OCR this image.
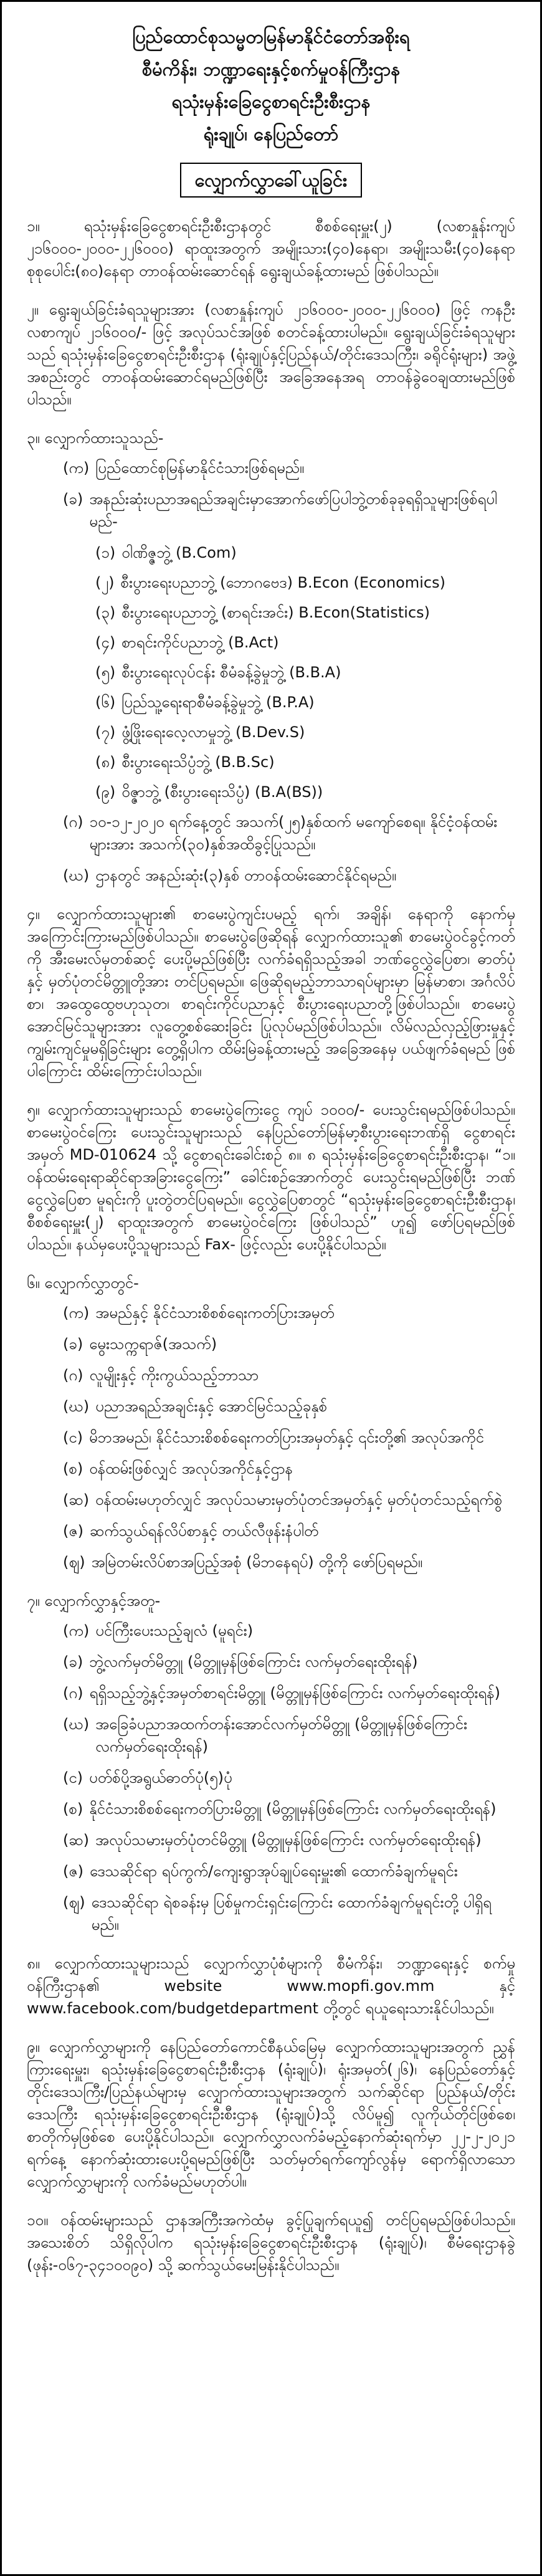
ပြည်ထောင်စုသမ္မတမြန်မာနိုင်ငံတော်အစိုးရ
စီမံကိန်း၊ ဘဏ္ဍာရေးနှင့်စက်မှုဝန်ကြီးဌာန
ရသုံးမှန်းခြေငွေစာရင်းဦးစီးဌာန
ရုံးချုပ်၊ နေပြည်တော်
လျှောက်လွှာခေါ်ယူခြင်း
၁။	ရသုံးမှန်းခြေငွေစာရင်းဦးစီးဌာနတွင် စီစစ်ရေးမှူး(၂) (လစာနှုန်းကျပ် ၂၁၆၀၀၀-၂၀၀၀-၂၂၆၀၀၀) ရာထူးအတွက် အမျိုးသား(၄၀)နေရာ၊ အမျိုးသမီး(၄၀)နေရာ စုစုပေါင်း(၈၀)နေရာ တာဝန်ထမ်းဆောင်ရန် ရွေးချယ်ခန့်ထားမည် ဖြစ်ပါသည်။
၂။ ရွေးချယ်ခြင်းခံရသူများအား (လစာနှုန်းကျပ် ၂၁၆၀၀၀-၂၀၀၀-၂၂၆၀၀၀) ဖြင့် ကနဦးလစာကျပ် ၂၁၆၀၀၀/- ဖြင့် အလုပ်သင်အဖြစ် စတင်ခန့်ထားပါမည်။ ရွေးချယ်ခြင်းခံရသူများသည် ရသုံးမှန်းခြေငွေစာရင်းဦးစီးဌာန (ရုံးချုပ်နှင့်ပြည်နယ်/တိုင်းဒေသကြီး၊ ခရိုင်ရုံးများ) အဖွဲ့အစည်းတွင် တာဝန်ထမ်းဆောင်ရမည်ဖြစ်ပြီး အခြေအနေအရ တာဝန်ခွဲဝေချထားမည်ဖြစ်ပါသည်။
၃။ လျှောက်ထားသူသည်-
(က) ပြည်ထောင်စုမြန်မာနိုင်ငံသားဖြစ်ရမည်။
(ခ) အနည်းဆုံးပညာအရည်အချင်းမှာအောက်ဖော်ပြပါဘွဲ့တစ်ခုခုရရှိသူများဖြစ်ရပါမည်-
(၁) ဝါဏိဇ္ဇဘွဲ့ (B.Com)
(၂) စီးပွားရေးပညာဘွဲ့ (ဘောဂဗေဒ) B.Econ (Economics)
(၃) စီးပွားရေးပညာဘွဲ့ (စာရင်းအင်း) B.Econ(Statistics)
(၄) စာရင်းကိုင်ပညာဘွဲ့ (B.Act)
(၅) စီးပွားရေးလုပ်ငန်း စီမံခန့်ခွဲမှုဘွဲ့ (B.B.A)
(၆) ပြည်သူ့ရေးရာစီမံခန့်ခွဲမှုဘွဲ့ (B.P.A)
(၇) ဖွံ့ဖြိုးရေးလေ့လာမှုဘွဲ့ (B.Dev.S)
(၈) စီးပွားရေးသိပ္ပံဘွဲ့ (B.B.Sc)
(၉) ဝိဇ္ဇာဘွဲ့ (စီးပွားရေးသိပ္ပံ) (B.A(BS))
(ဂ) ၁၀-၁၂-၂၀၂၀ ရက်နေ့တွင် အသက်(၂၅)နှစ်ထက် မကျော်စေရ။ နိုင်ငံ့ဝန်ထမ်းများအား အသက်(၃၀)နှစ်အထိခွင့်ပြုသည်။
(ဃ) ဌာနတွင် အနည်းဆုံး(၃)နှစ် တာဝန်ထမ်းဆောင်နိုင်ရမည်။
၄။ လျှောက်ထားသူများ၏ စာမေးပွဲကျင်းပမည့် ရက်၊ အချိန်၊ နေရာကို နောက်မှ အကြောင်းကြားမည်ဖြစ်ပါသည်။ စာမေးပွဲဖြေဆိုရန် လျှောက်ထားသူ၏ စာမေးပွဲဝင်ခွင့်ကတ်ကို အီးမေးလ်မှတစ်ဆင့် ပေးပို့မည်ဖြစ်ပြီး လက်ခံရရှိသည့်အခါ ဘဏ်ငွေလွှဲပြေစာ၊ ဓာတ်ပုံနှင့် မှတ်ပုံတင်မိတ္တူတို့အား တင်ပြရမည်။ ဖြေဆိုရမည့်ဘာသာရပ်များမှာ မြန်မာစာ၊ အင်္ဂလိပ်စာ၊ အထွေထွေဗဟုသုတ၊ စာရင်းကိုင်ပညာနှင့် စီးပွားရေးပညာတို့ဖြစ်ပါသည်။ စာမေးပွဲအောင်မြင်သူများအား လူတွေ့စစ်ဆေးခြင်း ပြုလုပ်မည်ဖြစ်ပါသည်။ လိမ်လည်လှည့်ဖြားမှုနှင့် ကျွမ်းကျင်မှုမရှိခြင်းများ တွေ့ရှိပါက ထိမ်းမြဲခန့်ထားမည့် အခြေအနေမှ ပယ်ဖျက်ခံရမည် ဖြစ်ပါကြောင်း ထိမ်းကြောင်းပါသည်။
၅။ လျှောက်ထားသူများသည် စာမေးပွဲကြေးငွေ ကျပ် ၁၀၀၀/- ပေးသွင်းရမည်ဖြစ်ပါသည်။ စာမေးပွဲဝင်ကြေး ပေးသွင်းသူများသည် နေပြည်တော်မြန်မာ့စီးပွားရေးဘဏ်ရှိ ငွေစာရင်းအမှတ် MD-010624 သို့ ငွေစာရင်းခေါင်းစဉ် ၈။ ၈ ရသုံးမှန်းခြေငွေစာရင်းဦးစီးဌာန၊ “၁။ ဝန်ထမ်းရေးရာဆိုင်ရာအခြားငွေကြေး” ခေါင်းစဉ်အောက်တွင် ပေးသွင်းရမည်ဖြစ်ပြီး ဘဏ်ငွေလွှဲပြေစာ မူရင်းကို ပူးတွဲတင်ပြရမည်။ ငွေလွှဲပြေစာတွင် “ရသုံးမှန်းခြေငွေစာရင်းဦးစီးဌာန၊ စီစစ်ရေးမှူး(၂) ရာထူးအတွက် စာမေးပွဲဝင်ကြေး ဖြစ်ပါသည်” ဟူ၍ ဖော်ပြရမည်ဖြစ်ပါသည်။ နယ်မှပေးပို့သူများသည် Fax- ဖြင့်လည်း ပေးပို့နိုင်ပါသည်။
၆။ လျှောက်လွှာတွင်-
(က) အမည်နှင့် နိုင်ငံသားစိစစ်ရေးကတ်ပြားအမှတ်
(ခ) မွေးသက္ကရာဇ်(အသက်)
(ဂ) လူမျိုးနှင့် ကိုးကွယ်သည့်ဘာသာ
(ဃ) ပညာအရည်အချင်းနှင့် အောင်မြင်သည့်ခုနှစ်
(င) မိဘအမည်၊ နိုင်ငံသားစိစစ်ရေးကတ်ပြားအမှတ်နှင့် ၎င်းတို့၏ အလုပ်အကိုင်
(စ) ဝန်ထမ်းဖြစ်လျှင် အလုပ်အကိုင်နှင့်ဌာန
(ဆ) ဝန်ထမ်းမဟုတ်လျှင် အလုပ်သမားမှတ်ပုံတင်အမှတ်နှင့် မှတ်ပုံတင်သည့်ရက်စွဲ
(ဇ) ဆက်သွယ်ရန်လိပ်စာနှင့် တယ်လီဖုန်းနံပါတ်
(ဈ) အမြဲတမ်းလိပ်စာအပြည့်အစုံ (မိဘနေရပ်) တို့ကို ဖော်ပြရမည်။
၇။ လျှောက်လွှာနှင့်အတူ-
(က) ပင်ကြီးပေးသည့်ချလံ (မူရင်း)
(ခ) ဘွဲ့လက်မှတ်မိတ္တူ (မိတ္တူမှန်ဖြစ်ကြောင်း လက်မှတ်ရေးထိုးရန်)
(ဂ) ရရှိသည့်ဘွဲ့နှင့်အမှတ်စာရင်းမိတ္တူ (မိတ္တူမှန်ဖြစ်ကြောင်း လက်မှတ်ရေးထိုးရန်)
(ဃ) အခြေခံပညာအထက်တန်းအောင်လက်မှတ်မိတ္တူ (မိတ္တူမှန်ဖြစ်ကြောင်း လက်မှတ်ရေးထိုးရန်)
(င) ပတ်စ်ပို့အရွယ်ဓာတ်ပုံ(၅)ပုံ
(စ) နိုင်ငံသားစိစစ်ရေးကတ်ပြားမိတ္တူ (မိတ္တူမှန်ဖြစ်ကြောင်း လက်မှတ်ရေးထိုးရန်)
(ဆ) အလုပ်သမားမှတ်ပုံတင်မိတ္တူ (မိတ္တူမှန်ဖြစ်ကြောင်း လက်မှတ်ရေးထိုးရန်)
(ဇ) ဒေသဆိုင်ရာ ရပ်ကွက်/ကျေးရွာအုပ်ချုပ်ရေးမှူး၏ ထောက်ခံချက်မူရင်း
(ဈ) ဒေသဆိုင်ရာ ရဲစခန်းမှ ပြစ်မှုကင်းရှင်းကြောင်း ထောက်ခံချက်မူရင်းတို့ ပါရှိရမည်။
၈။ လျှောက်ထားသူများသည် လျှောက်လွှာပုံစံများကို စီမံကိန်း၊ ဘဏ္ဍာရေးနှင့် စက်မှုဝန်ကြီးဌာန၏	website www.mopfi.gov.mm	နှင့် www.facebook.com/budgetdepartment တို့တွင် ရယူရေးသားနိုင်ပါသည်။
၉။ လျှောက်လွှာများကို နေပြည်တော်ကောင်စီနယ်မြေမှ လျှောက်ထားသူများအတွက် ညွှန်ကြားရေးမှူး၊ ရသုံးမှန်းခြေငွေစာရင်းဦးစီးဌာန (ရုံးချုပ်)၊ ရုံးအမှတ်(၂၆)၊ နေပြည်တော်နှင့် တိုင်းဒေသကြီး/ပြည်နယ်များမှ လျှောက်ထားသူများအတွက် သက်ဆိုင်ရာ ပြည်နယ်/တိုင်းဒေသကြီး ရသုံးမှန်းခြေငွေစာရင်းဦးစီးဌာန (ရုံးချုပ်)သို့ လိပ်မူ၍ လူကိုယ်တိုင်ဖြစ်စေ၊ စာတိုက်မှဖြစ်စေ ပေးပို့နိုင်ပါသည်။ လျှောက်လွှာလက်ခံမည့်နောက်ဆုံးရက်မှာ ၂၂-၂-၂၀၂၁ ရက်နေ့ နောက်ဆုံးထားပေးပို့ရမည်ဖြစ်ပြီး သတ်မှတ်ရက်ကျော်လွန်မှ ရောက်ရှိလာသော လျှောက်လွှာများကို လက်ခံမည်မဟုတ်ပါ။
၁၀။ ဝန်ထမ်းများသည် ဌာနအကြီးအကဲထံမှ ခွင့်ပြုချက်ရယူ၍ တင်ပြရမည်ဖြစ်ပါသည်။ အသေးစိတ် သိရှိလိုပါက ရသုံးမှန်းခြေငွေစာရင်းဦးစီးဌာန (ရုံးချုပ်)၊ စီမံရေးဌာနခွဲ (ဖုန်း-၀၆၇-၃၄၁၀၀၉၀) သို့ ဆက်သွယ်မေးမြန်းနိုင်ပါသည်။
